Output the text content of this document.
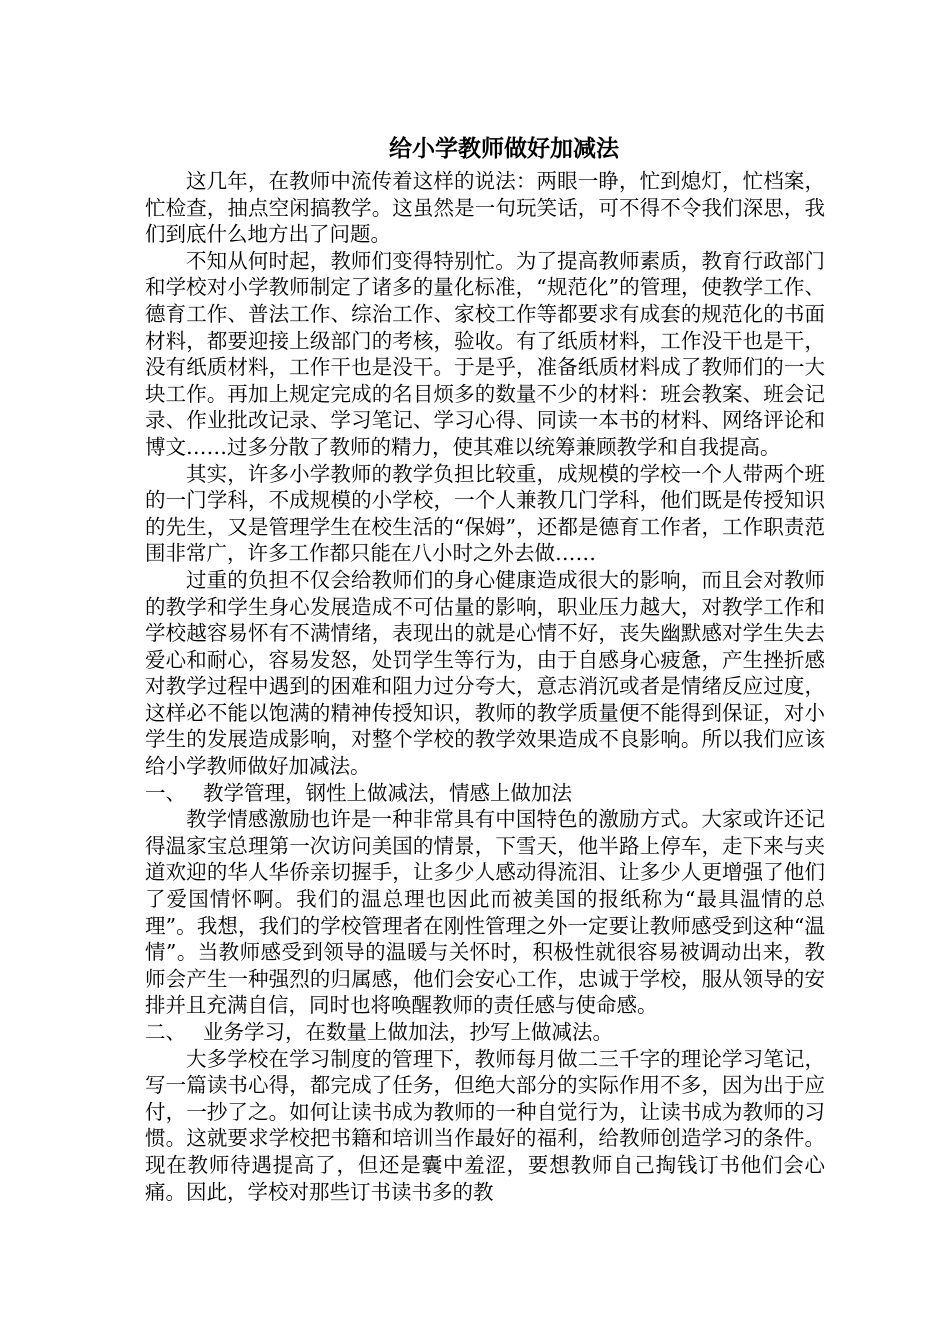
给小学教师做好加减法

这几年，在教师中流传着这样的说法：两眼一睁，忙到熄灯，忙档案，忙检查，抽点空闲搞教学。这虽然是一句玩笑话，可不得不令我们深思，我们到底什么地方出了问题。

不知从何时起，教师们变得特别忙。为了提高教师素质，教育行政部门和学校对小学教师制定了诸多的量化标准，“规范化”的管理，使教学工作、德育工作、普法工作、综治工作、家校工作等都要求有成套的规范化的书面材料，都要迎接上级部门的考核，验收。有了纸质材料，工作没干也是干，没有纸质材料，工作干也是没干。于是乎，准备纸质材料成了教师们的一大块工作。再加上规定完成的名目烦多的数量不少的材料：班会教案、班会记录、作业批改记录、学习笔记、学习心得、同读一本书的材料、网络评论和博文……过多分散了教师的精力，使其难以统筹兼顾教学和自我提高。

其实，许多小学教师的教学负担比较重，成规模的学校一个人带两个班的一门学科，不成规模的小学校，一个人兼教几门学科，他们既是传授知识的先生，又是管理学生在校生活的“保姆”，还都是德育工作者，工作职责范围非常广，许多工作都只能在八小时之外去做……

过重的负担不仅会给教师们的身心健康造成很大的影响，而且会对教师的教学和学生身心发展造成不可估量的影响，职业压力越大，对教学工作和学校越容易怀有不满情绪，表现出的就是心情不好，丧失幽默感对学生失去爱心和耐心，容易发怒，处罚学生等行为，由于自感身心疲惫，产生挫折感对教学过程中遇到的困难和阻力过分夸大，意志消沉或者是情绪反应过度，这样必不能以饱满的精神传授知识，教师的教学质量便不能得到保证，对小学生的发展造成影响，对整个学校的教学效果造成不良影响。所以我们应该给小学教师做好加减法。

一、 教学管理，钢性上做减法，情感上做加法

教学情感激励也许是一种非常具有中国特色的激励方式。大家或许还记得温家宝总理第一次访问美国的情景，下雪天，他半路上停车，走下来与夹道欢迎的华人华侨亲切握手，让多少人感动得流泪、让多少人更增强了他们了爱国情怀啊。我们的温总理也因此而被美国的报纸称为“最具温情的总理”。我想，我们的学校管理者在刚性管理之外一定要让教师感受到这种“温情”。当教师感受到领导的温暖与关怀时，积极性就很容易被调动出来，教师会产生一种强烈的归属感，他们会安心工作，忠诚于学校，服从领导的安排并且充满自信，同时也将唤醒教师的责任感与使命感。

二、 业务学习，在数量上做加法，抄写上做减法。

大多学校在学习制度的管理下，教师每月做二三千字的理论学习笔记，写一篇读书心得，都完成了任务，但绝大部分的实际作用不多，因为出于应付，一抄了之。如何让读书成为教师的一种自觉行为，让读书成为教师的习惯。这就要求学校把书籍和培训当作最好的福利，给教师创造学习的条件。现在教师待遇提高了，但还是囊中羞涩，要想教师自己掏钱订书他们会心痛。因此，学校对那些订书读书多的教
